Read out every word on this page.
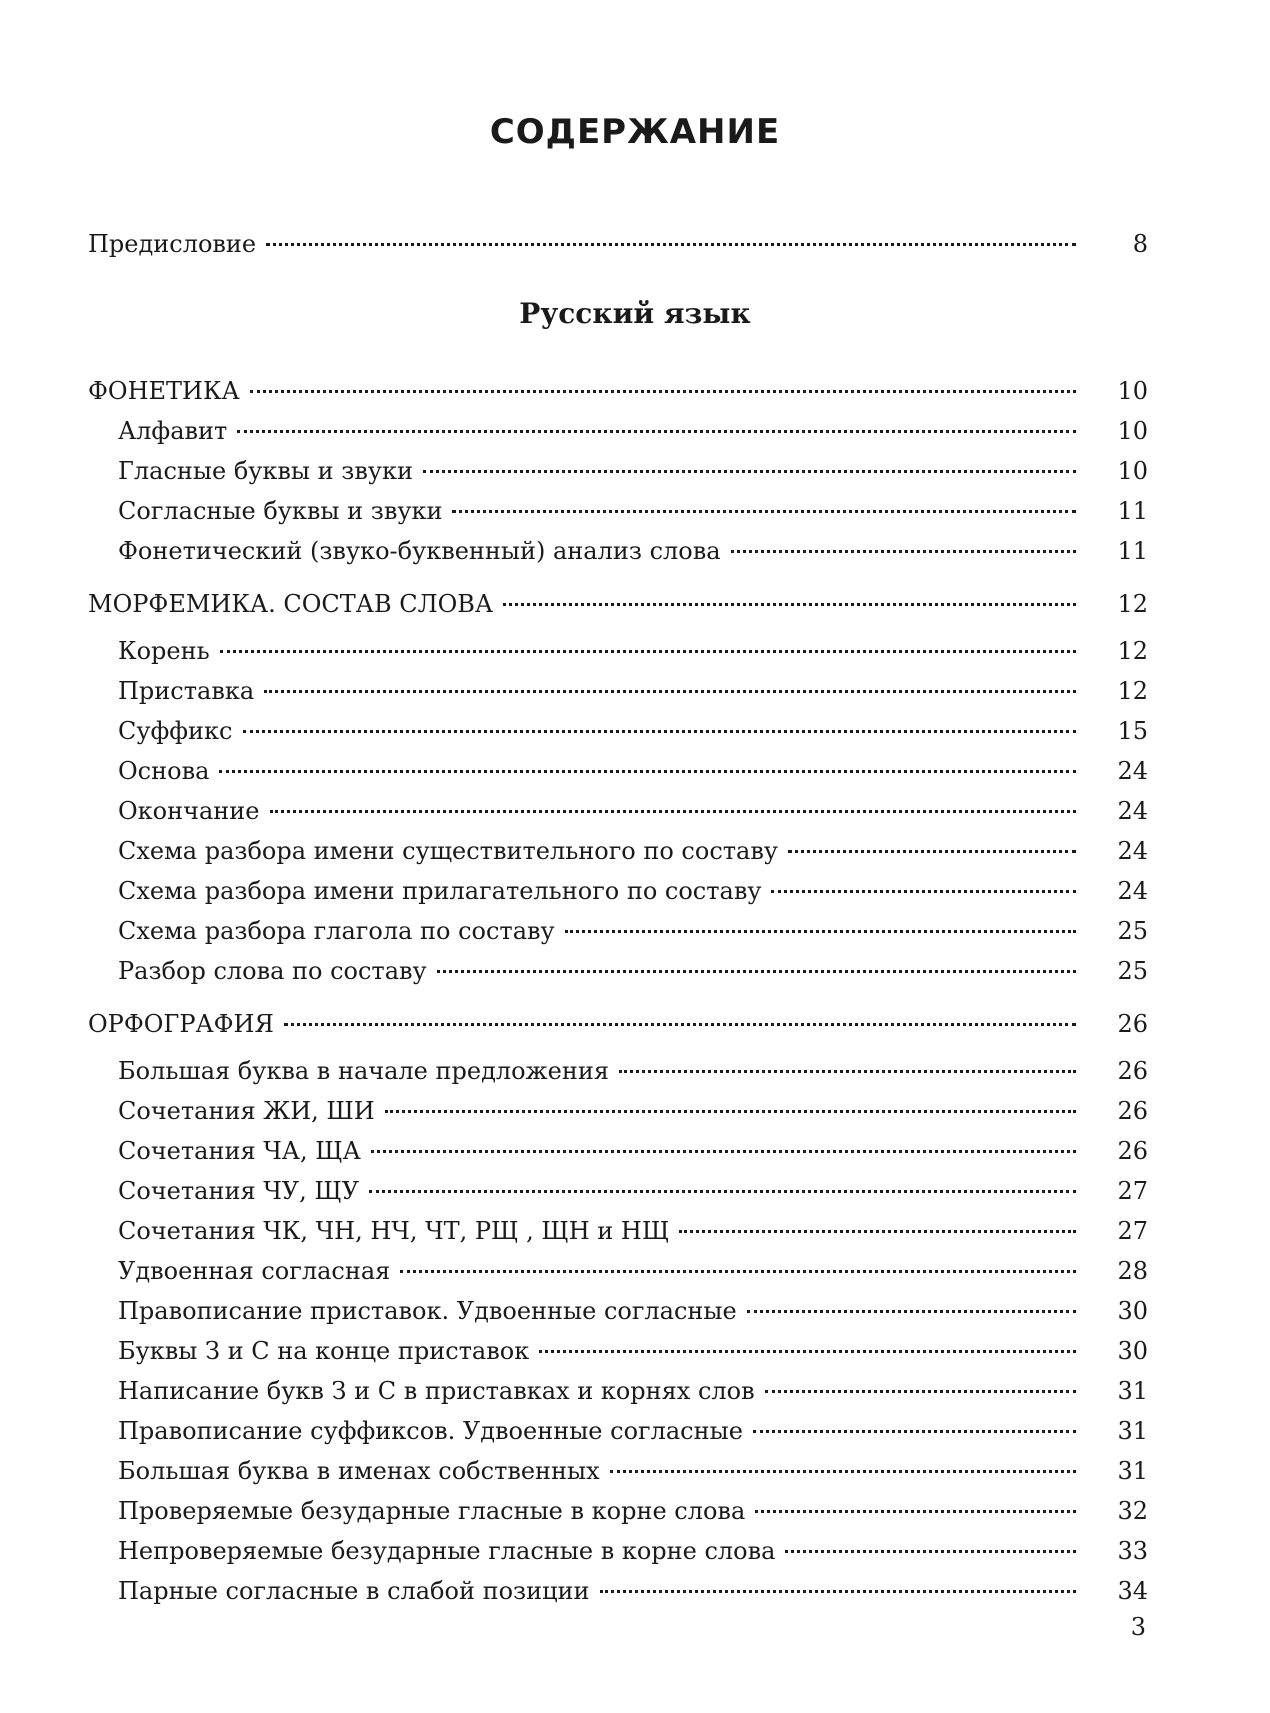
СОДЕРЖАНИЕ
Предисловие	8
Русский язык
ФОНЕТИКА	10
Алфавит	10
Гласные буквы и звуки	10
Согласные буквы и звуки	11
Фонетический (звуко-буквенный) анализ слова	11
МОРФЕМИКА. СОСТАВ СЛОВА	12
Корень	12
Приставка	12
Суффикс	15
Основа	24
Окончание	24
Схема разбора имени существительного по составу	24
Схема разбора имени прилагательного по составу	24
Схема разбора глагола по составу	25
Разбор слова по составу	25
ОРФОГРАФИЯ	26
Большая буква в начале предложения	26
Сочетания ЖИ, ШИ	26
Сочетания ЧА, ЩА	26
Сочетания ЧУ, ЩУ	27
Сочетания ЧК, ЧН, НЧ, ЧТ, РЩ , ЩН и НЩ	27
Удвоенная согласная	28
Правописание приставок. Удвоенные согласные	30
Буквы З и С на конце приставок	30
Написание букв З и С в приставках и корнях слов	31
Правописание суффиксов. Удвоенные согласные	31
Большая буква в именах собственных	31
Проверяемые безударные гласные в корне слова	32
Непроверяемые безударные гласные в корне слова	33
Парные согласные в слабой позиции	34
3
